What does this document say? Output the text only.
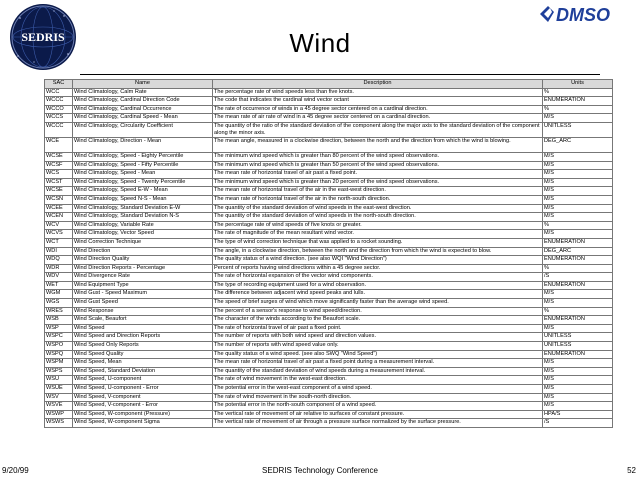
SEDRIS
DMSO
Wind
SAC	Name	Description	Units
WCC	Wind Climatology, Calm Rate	The percentage rate of wind speeds less than five knots.	%
WCCC	Wind Climatology, Cardinal Direction Code	The code that indicates the cardinal wind vector octant	ENUMERATION
WCCO	Wind Climatology, Cardinal Occurrence	The rate of occurrence of winds in a 45 degree sector centered on a cardinal direction.	%
WCCS	Wind Climatology, Cardinal Speed - Mean	The mean rate of air rate of wind in a 45 degree sector centered on a cardinal direction.	M/S
WCCC	Wind Climatology, Circularity Coefficient	The quantity of the ratio of the standard deviation of the component along the major axis to the standard deviation of the component along the minor axis.	UNITLESS
WCE	Wind Climatology, Direction - Mean	The mean angle, measured in a clockwise direction, between the north and the direction from which the wind is blowing.	DEG_ARC
WCSE	Wind Climatology, Speed - Eighty Percentile	The minimum wind speed which is greater than 80 percent of the wind speed observations.	M/S
WCSF	Wind Climatology, Speed - Fifty Percentile	The minimum wind speed which is greater than 50 percent of the wind speed observations.	M/S
WCS	Wind Climatology, Speed - Mean	The mean rate of horizontal travel of air past a fixed point.	M/S
WCST	Wind Climatology, Speed - Twenty Percentile	The minimum wind speed which is greater than 20 percent of the wind speed observations.	M/S
WCSE	Wind Climatology, Speed E-W - Mean	The mean rate of horizontal travel of the air in the east-west direction.	M/S
WCSN	Wind Climatology, Speed N-S - Mean	The mean rate of horizontal travel of the air in the north-south direction.	M/S
WCEE	Wind Climatology, Standard Deviation E-W	The quantity of the standard deviation of wind speeds in the east-west direction.	M/S
WCEN	Wind Climatology, Standard Deviation N-S	The quantity of the standard deviation of wind speeds in the north-south direction.	M/S
WCV	Wind Climatology, Variable Rate	The percentage rate of wind speeds of five knots or greater.	%
WCVS	Wind Climatology, Vector Speed	The rate of magnitude of the mean resultant wind vector.	M/S
WCT	Wind Correction Technique	The type of wind correction technique that was applied to a rocket sounding.	ENUMERATION
WDI	Wind Direction	The angle, in a clockwise direction, between the north and the direction from which the wind is expected to blow.	DEG_ARC
WDQ	Wind Direction Quality	The quality status of a wind direction. (see also WQI "Wind Direction")	ENUMERATION
WDR	Wind Direction Reports - Percentage	Percent of reports having wind directions within a 45 degree sector.	%
WDV	Wind Divergence Rate	The rate of horizontal expansion of the vector wind components.	/S
WET	Wind Equipment Type	The type of recording equipment used for a wind observation.	ENUMERATION
WGM	Wind Gust - Speed Maximum	The difference between adjacent wind speed peaks and lulls.	M/S
WGS	Wind Gust Speed	The speed of brief surges of wind which move significantly faster than the average wind speed.	M/S
WRES	Wind Response	The percent of a sensor's response to wind speed/direction.	%
WSB	Wind Scale, Beaufort	The character of the winds according to the Beaufort scale.	ENUMERATION
WSP	Wind Speed	The rate of horizontal travel of air past a fixed point.	M/S
WSPC	Wind Speed and Direction Reports	The number of reports with both wind speed and direction values.	UNITLESS
WSPO	Wind Speed Only Reports	The number of reports with wind speed value only.	UNITLESS
WSPQ	Wind Speed Quality	The quality status of a wind speed. (see also SWQ "Wind Speed")	ENUMERATION
WSPM	Wind Speed, Mean	The mean rate of horizontal travel of air past a fixed point during a measurement interval.	M/S
WSPS	Wind Speed, Standard Deviation	The quantity of the standard deviation of wind speeds during a measurement interval.	M/S
WSU	Wind Speed, U-component	The rate of wind movement in the west-east direction.	M/S
WSUE	Wind Speed, U-component - Error	The potential error in the west-east component of a wind speed.	M/S
WSV	Wind Speed, V-component	The rate of wind movement in the south-north direction.	M/S
WSVE	Wind Speed, V-component - Error	The potential error in the north-south component of a wind speed.	M/S
WSWP	Wind Speed, W-component (Pressure)	The vertical rate of movement of air relative to surfaces of constant pressure.	HPA/S
WSWS	Wind Speed, W-component Sigma	The vertical rate of movement of air through a pressure surface normalized by the surface pressure.	/S
9/20/99	SEDRIS Technology Conference	52
